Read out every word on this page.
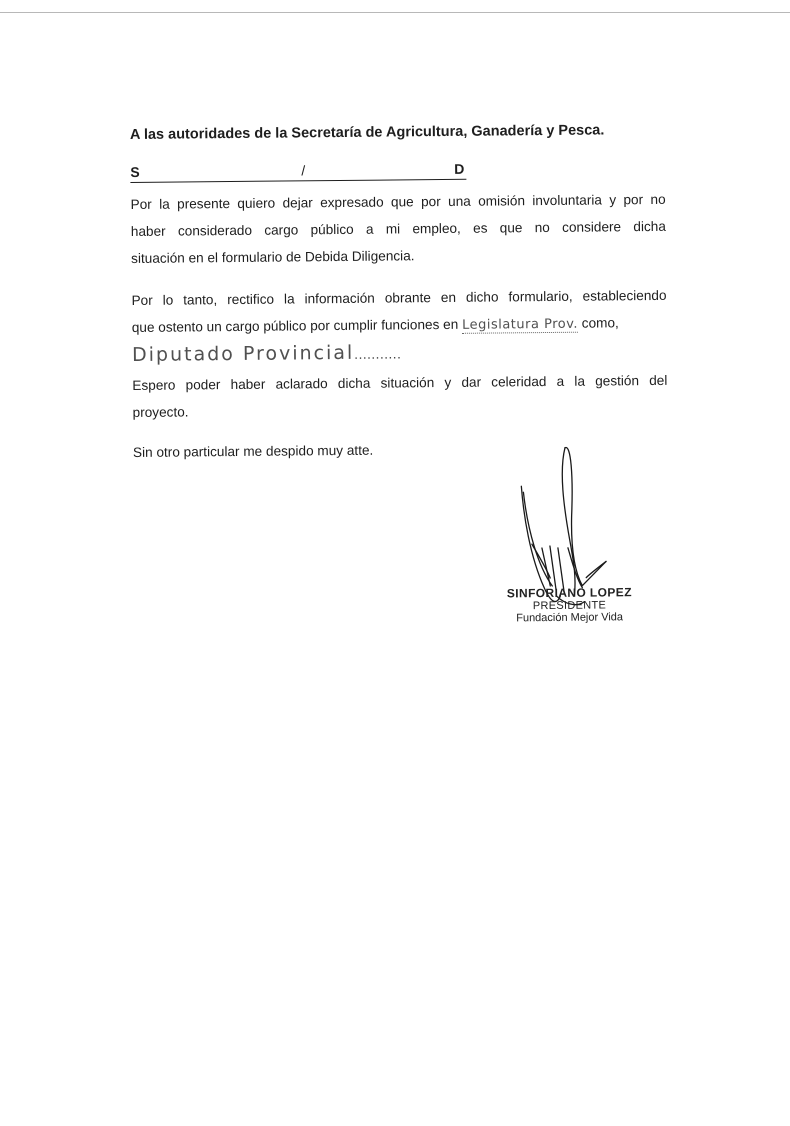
A las autoridades de la Secretaría de Agricultura, Ganadería y Pesca.
S	/	D
Por la presente quiero dejar expresado que por una omisión involuntaria y por no
haber considerado cargo público a mi empleo, es que no considere dicha
situación en el formulario de Debida Diligencia.
Por lo tanto, rectifico la información obrante en dicho formulario, estableciendo
que ostento un cargo público por cumplir funciones en Legislatura Prov. como,
Diputado Provincial...........
Espero poder haber aclarado dicha situación y dar celeridad a la gestión del
proyecto.
Sin otro particular me despido muy atte.
SINFORIANO LOPEZ
PRESIDENTE
Fundación Mejor Vida
